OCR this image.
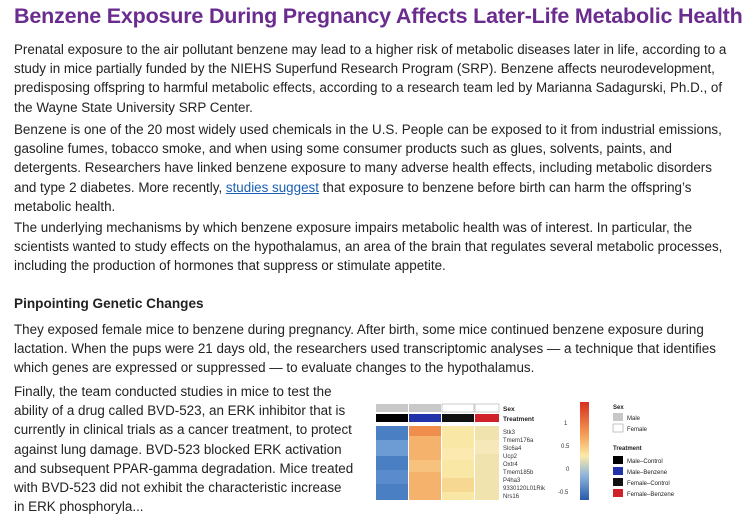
Benzene Exposure During Pregnancy Affects Later-Life Metabolic Health

Prenatal exposure to the air pollutant benzene may lead to a higher risk of metabolic diseases later in life, according to a study in mice partially funded by the NIEHS Superfund Research Program (SRP). Benzene affects neurodevelopment, predisposing offspring to harmful metabolic effects, according to a research team led by Marianna Sadagurski, Ph.D., of the Wayne State University SRP Center.

Benzene is one of the 20 most widely used chemicals in the U.S. People can be exposed to it from industrial emissions, gasoline fumes, tobacco smoke, and when using some consumer products such as glues, solvents, paints, and detergents. Researchers have linked benzene exposure to many adverse health effects, including metabolic disorders and type 2 diabetes. More recently, studies suggest that exposure to benzene before birth can harm the offspring’s metabolic health.

The underlying mechanisms by which benzene exposure impairs metabolic health was of interest. In particular, the scientists wanted to study effects on the hypothalamus, an area of the brain that regulates several metabolic processes, including the production of hormones that suppress or stimulate appetite.

Pinpointing Genetic Changes

They exposed female mice to benzene during pregnancy. After birth, some mice continued benzene exposure during lactation. When the pups were 21 days old, the researchers used transcriptomic analyses — a technique that identifies which genes are expressed or suppressed — to evaluate changes to the hypothalamus.

Finally, the team conducted studies in mice to test the ability of a drug called BVD-523, an ERK inhibitor that is currently in clinical trials as a cancer treatment, to protect against lung damage. BVD-523 blocked ERK activation and subsequent PPAR-gamma degradation. Mice treated with BVD-523 did not exhibit the characteristic increase in ERK phosphoryla...

Sex
Treatment
Stk3
Tmem176a
Slc6a4
Ucp2
Oxtr4
Tmem185b
P4ha3
9330120L01Rik
Nrs16
1
0.5
0
-0.5
Sex
Male
Female
Treatment
Male–Control
Male–Benzene
Female–Control
Female–Benzene
